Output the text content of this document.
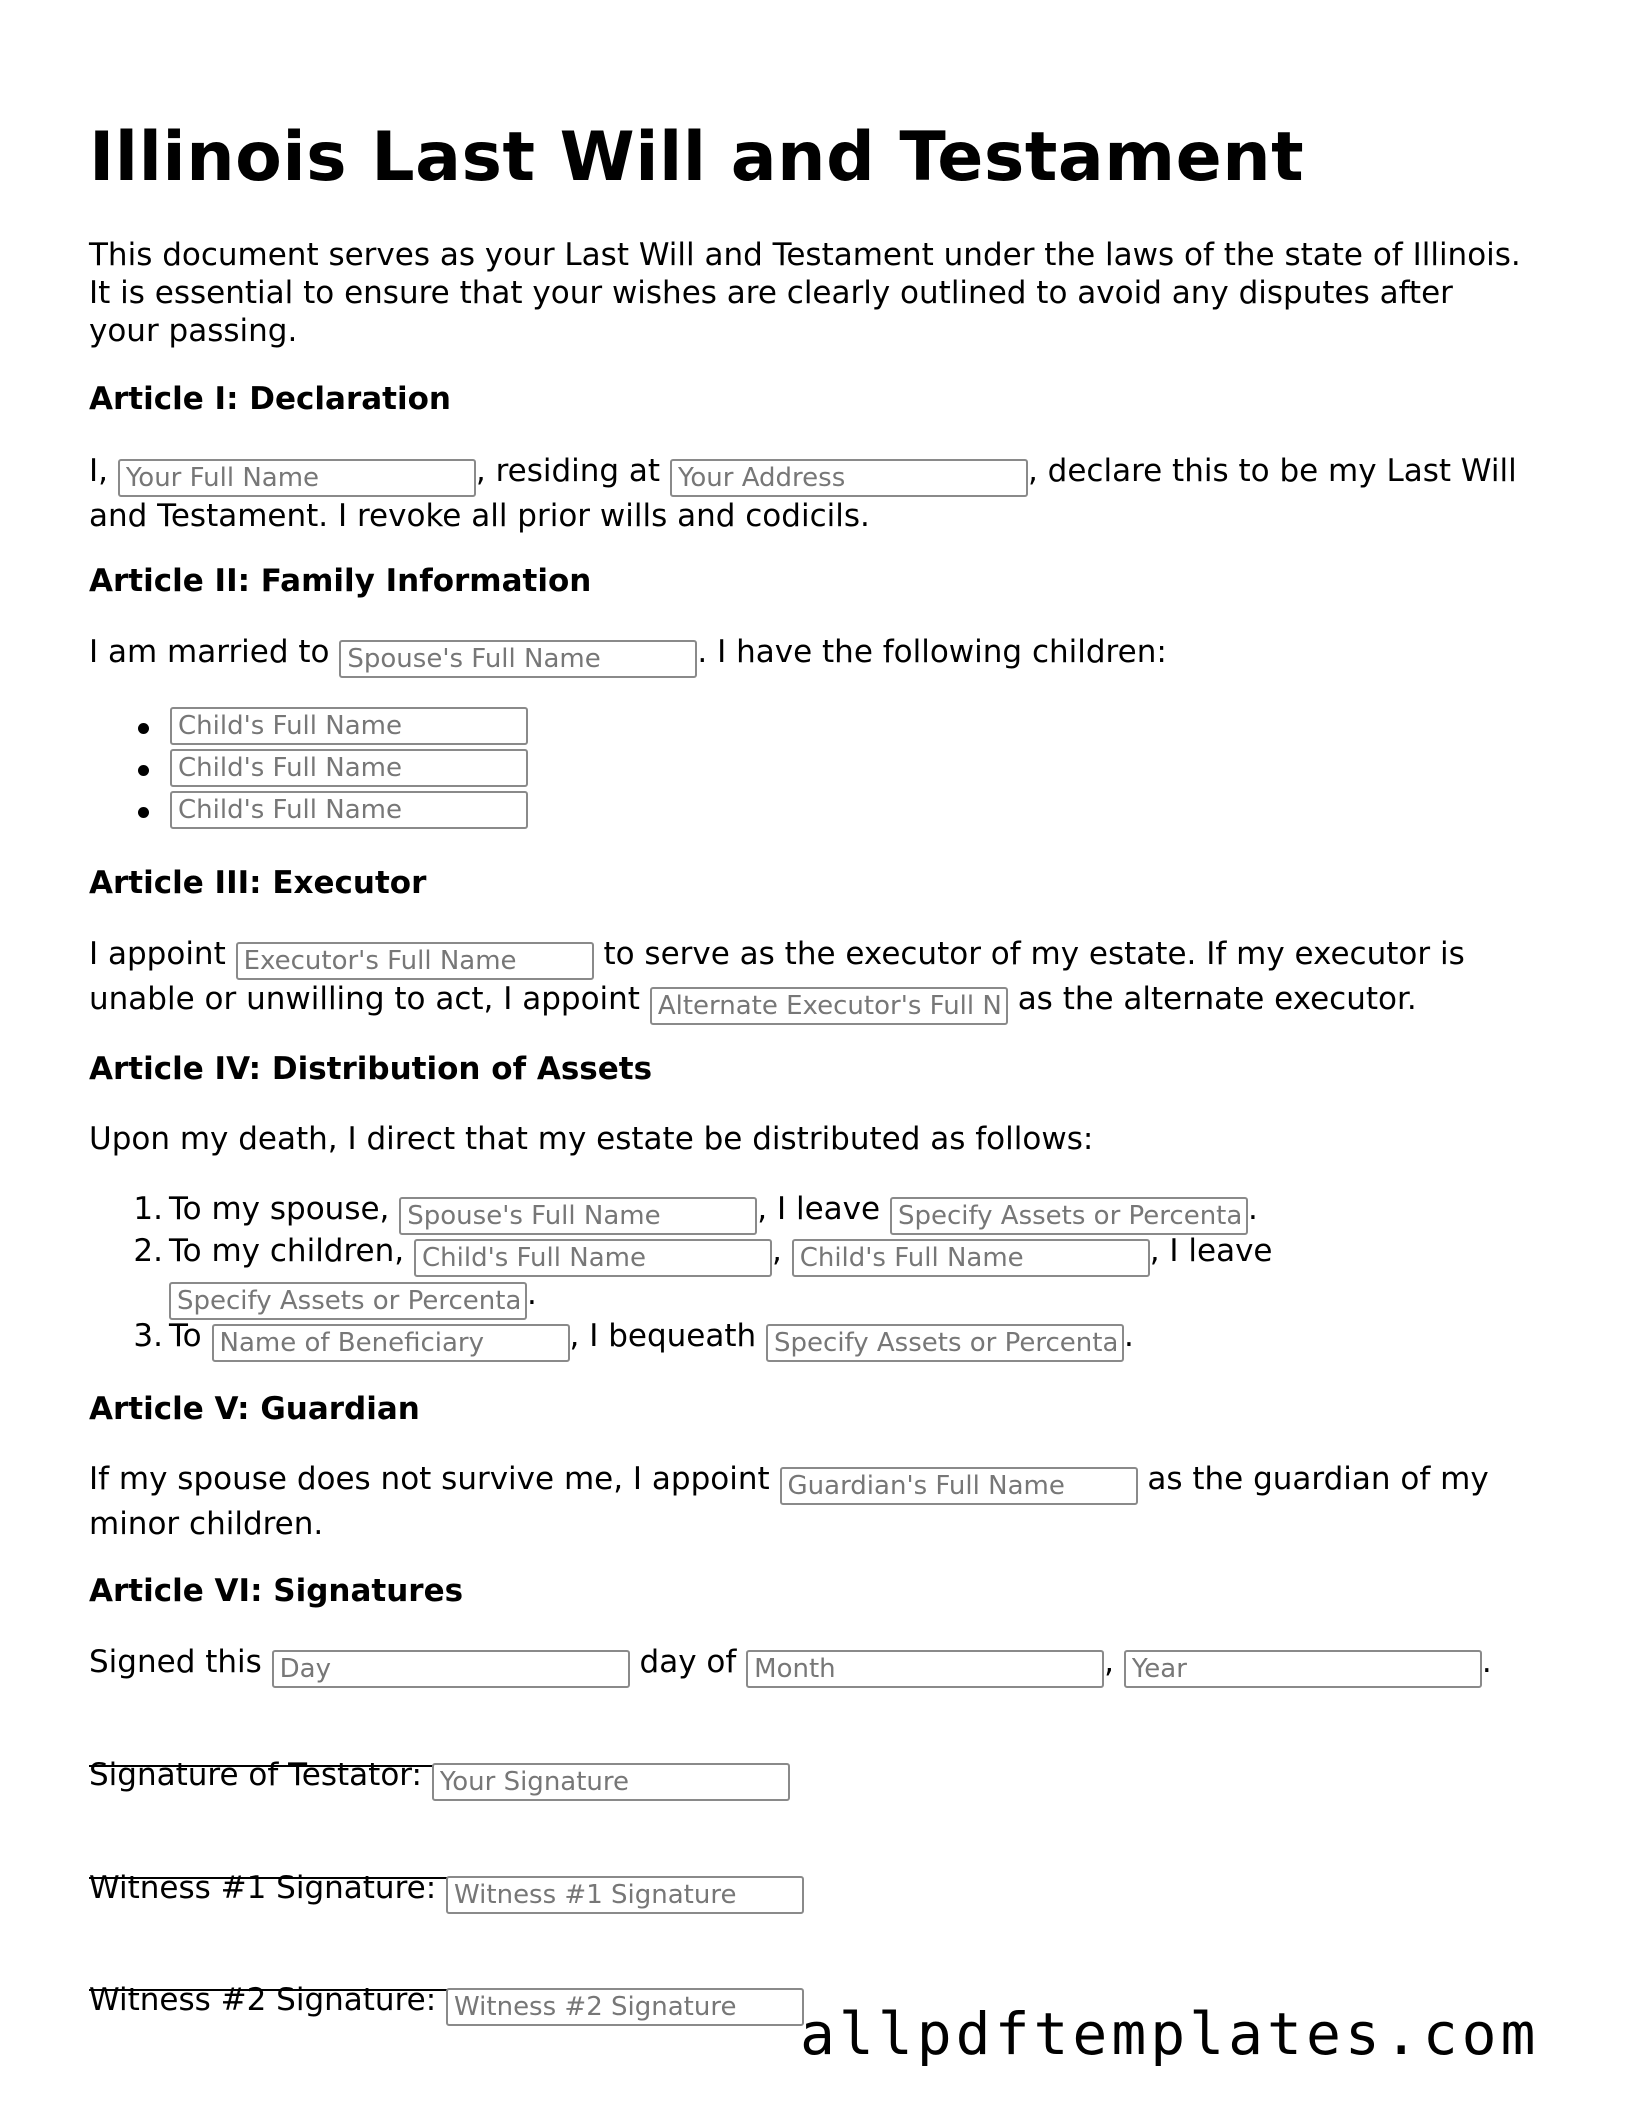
Illinois Last Will and Testament

This document serves as your Last Will and Testament under the laws of the state of Illinois. It is essential to ensure that your wishes are clearly outlined to avoid any disputes after your passing.

Article I: Declaration

I, Your Full Name	, residing at Your Address	, declare this to be my Last Will and Testament. I revoke all prior wills and codicils.

Article II: Family Information

I am married to Spouse's Full Name	. I have the following children:

Child's Full Name
Child's Full Name
Child's Full Name

Article III: Executor

I appoint Executor's Full Name	to serve as the executor of my estate. If my executor is unable or unwilling to act, I appoint Alternate Executor's Full Name	as the alternate executor.

Article IV: Distribution of Assets

Upon my death, I direct that my estate be distributed as follows:

1. To my spouse, Spouse's Full Name	, I leave Specify Assets or Percentage	.

2. To my children, Child's Full Name	, Child's Full Name	, I leave

Specify Assets or Percentage.

3. To Name of Beneficiary	, I bequeath Specify Assets or Percentage	.

Article V: Guardian

If my spouse does not survive me, I appoint Guardian's Full Name	as the guardian of my minor children.

Article VI: Signatures

Signed this Day	day of Month	, Year	.

Signature of Testator: Your Signature

Witness #1 Signature: Witness #1 Signature

Witness #2 Signature: Witness #2 Signature	allpdftemplates.com
